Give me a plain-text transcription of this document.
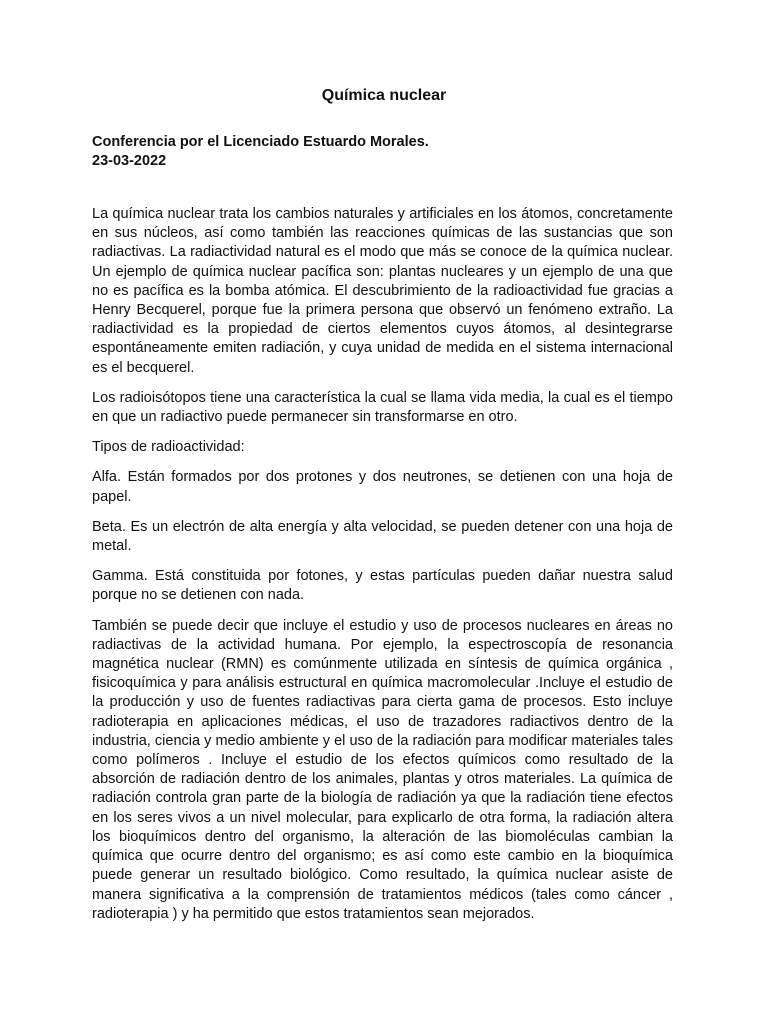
Química nuclear
Conferencia por el Licenciado Estuardo Morales.
23-03-2022

La química nuclear trata los cambios naturales y artificiales en los átomos, concretamente en sus núcleos, así como también las reacciones químicas de las sustancias que son radiactivas. La radiactividad natural es el modo que más se conoce de la química nuclear. Un ejemplo de química nuclear pacífica son: plantas nucleares y un ejemplo de una que no es pacífica es la bomba atómica. El descubrimiento de la radioactividad fue gracias a Henry Becquerel, porque fue la primera persona que observó un fenómeno extraño. La radiactividad es la propiedad de ciertos elementos cuyos átomos, al desintegrarse espontáneamente emiten radiación, y cuya unidad de medida en el sistema internacional es el becquerel.

Los radioisótopos tiene una característica la cual se llama vida media, la cual es el tiempo en que un radiactivo puede permanecer sin transformarse en otro.

Tipos de radioactividad:

Alfa. Están formados por dos protones y dos neutrones, se detienen con una hoja de papel.

Beta. Es un electrón de alta energía y alta velocidad, se pueden detener con una hoja de metal.

Gamma. Está constituida por fotones, y estas partículas pueden dañar nuestra salud porque no se detienen con nada.

También se puede decir que incluye el estudio y uso de procesos nucleares en áreas no radiactivas de la actividad humana. Por ejemplo, la espectroscopía de resonancia magnética nuclear (RMN) es comúnmente utilizada en síntesis de química orgánica , fisicoquímica y para análisis estructural en química macromolecular .Incluye el estudio de la producción y uso de fuentes radiactivas para cierta gama de procesos. Esto incluye radioterapia en aplicaciones médicas, el uso de trazadores radiactivos dentro de la industria, ciencia y medio ambiente y el uso de la radiación para modificar materiales tales como polímeros . Incluye el estudio de los efectos químicos como resultado de la absorción de radiación dentro de los animales, plantas y otros materiales. La química de radiación controla gran parte de la biología de radiación ya que la radiación tiene efectos en los seres vivos a un nivel molecular, para explicarlo de otra forma, la radiación altera los bioquímicos dentro del organismo, la alteración de las biomoléculas cambian la química que ocurre dentro del organismo; es así como este cambio en la bioquímica puede generar un resultado biológico. Como resultado, la química nuclear asiste de manera significativa a la comprensión de tratamientos médicos (tales como cáncer , radioterapia ) y ha permitido que estos tratamientos sean mejorados.
